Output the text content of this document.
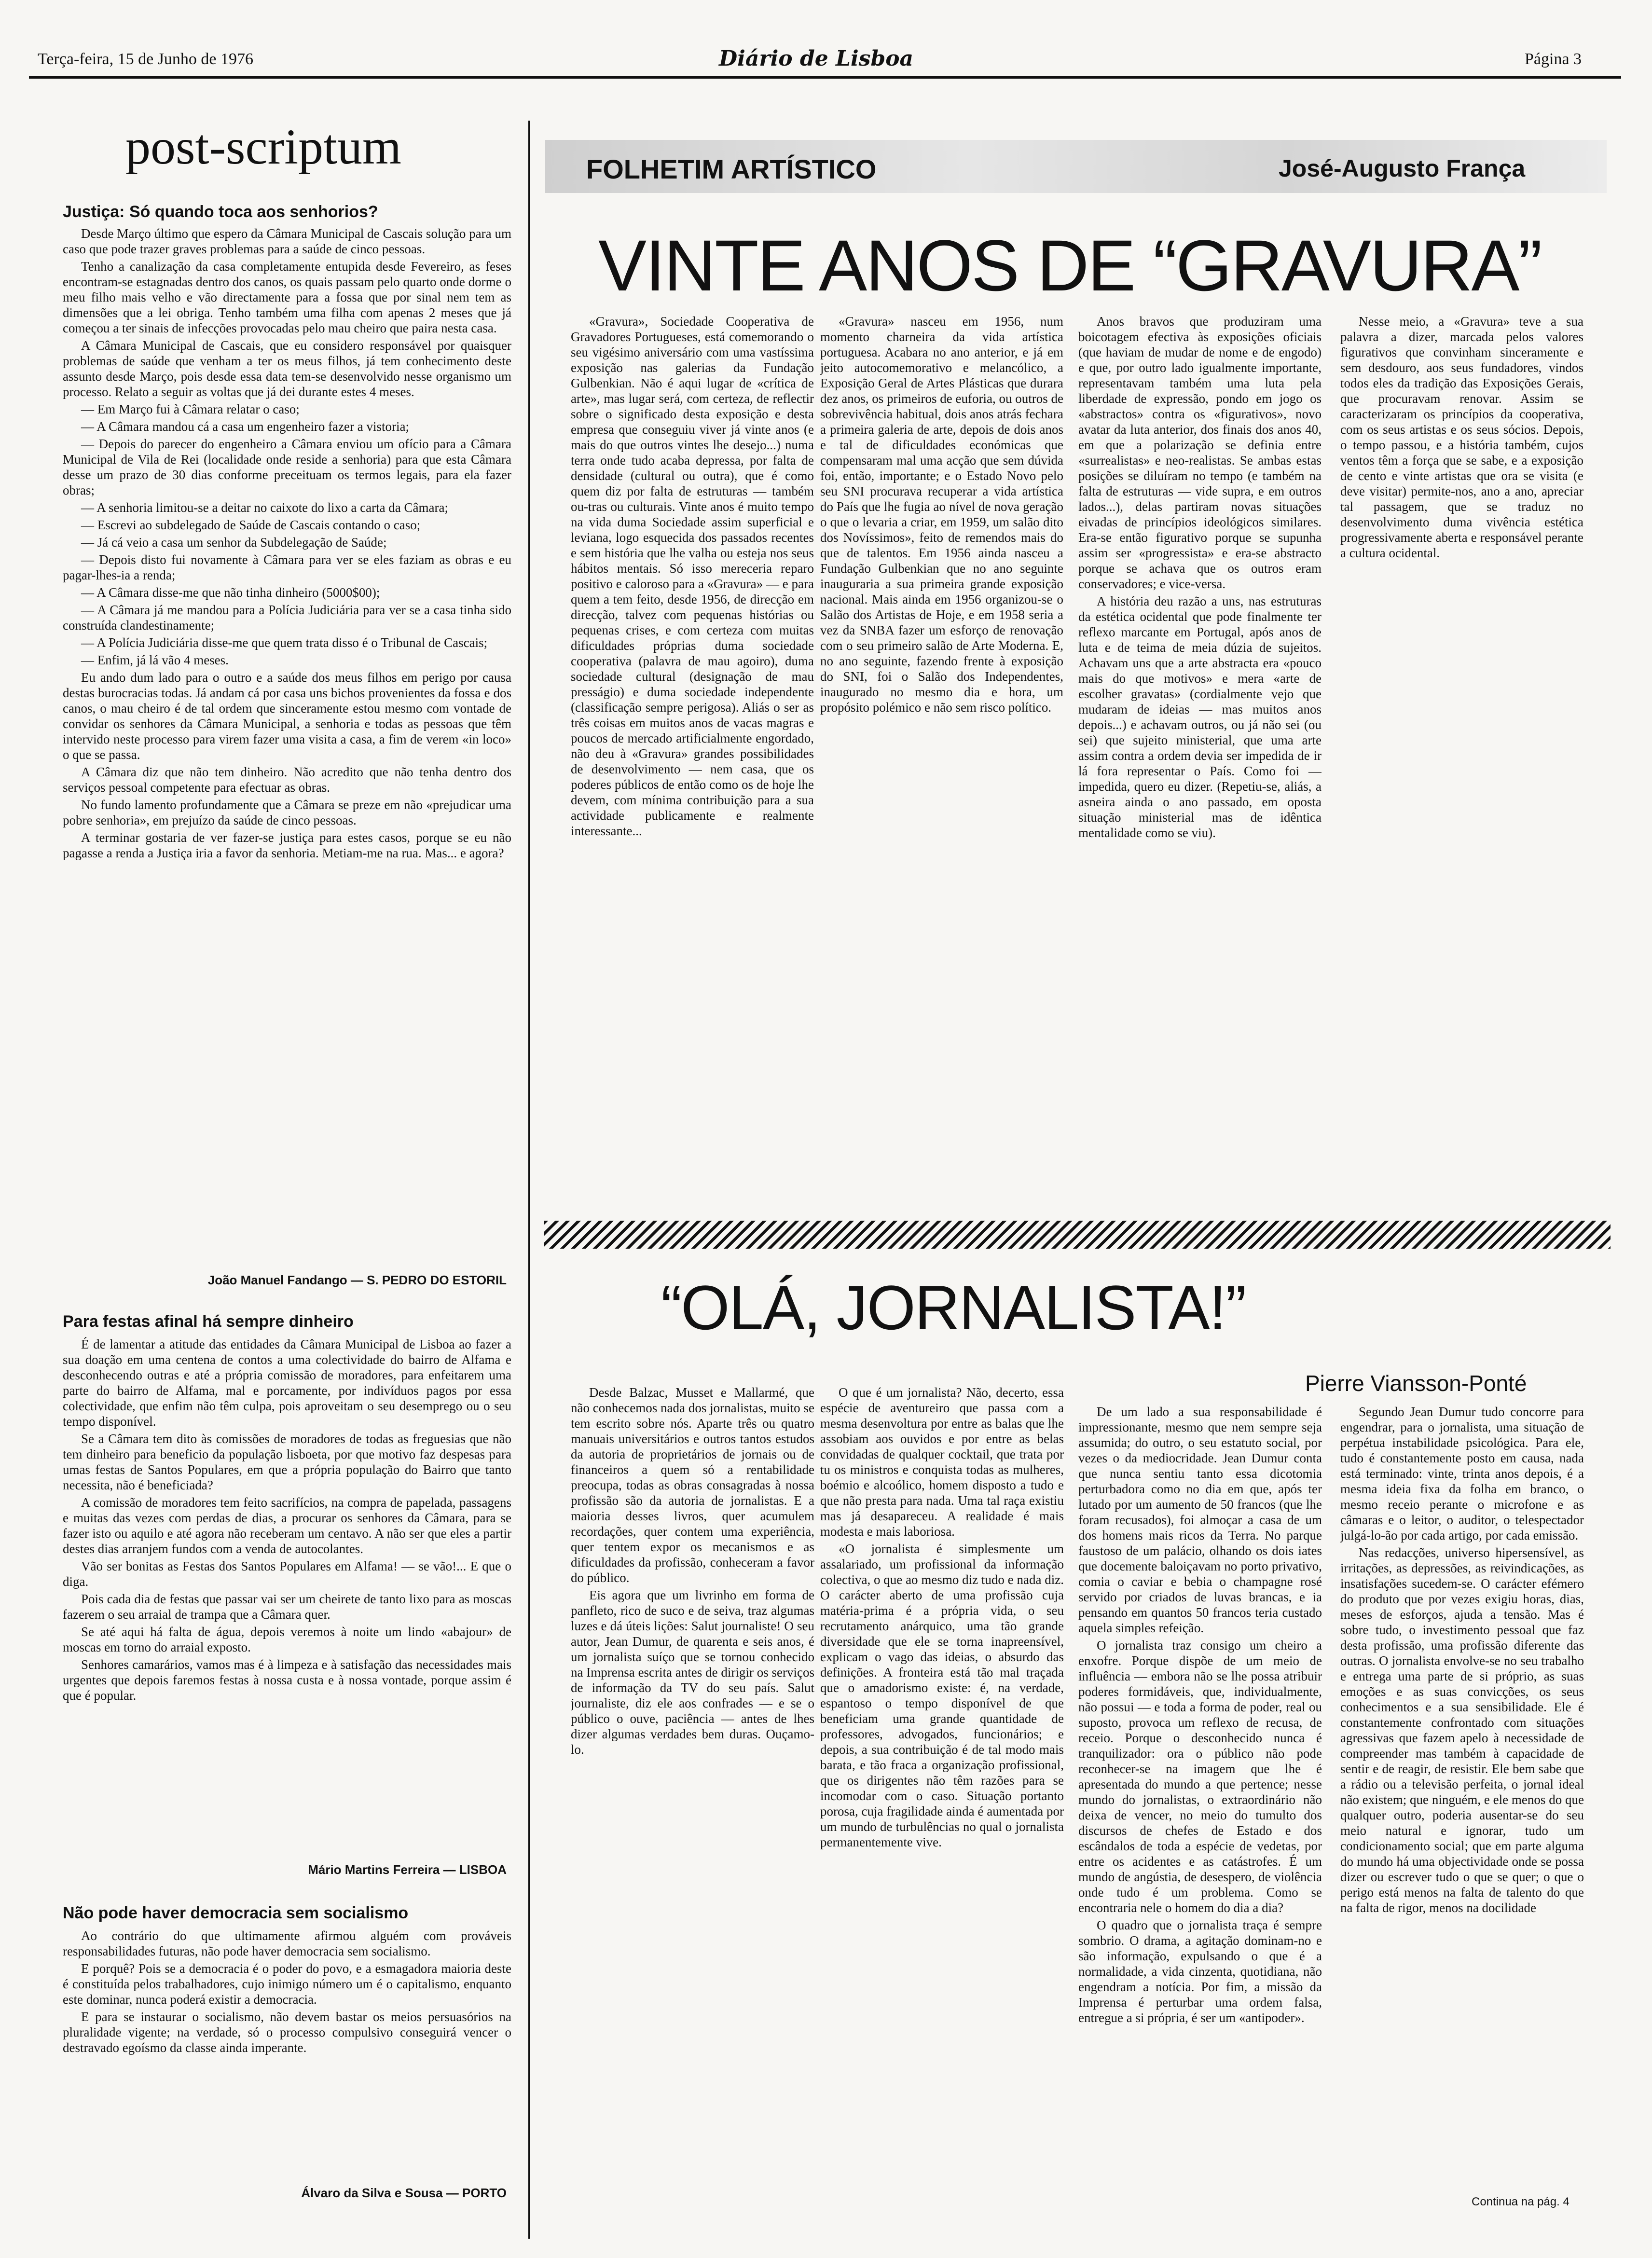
Terça-feira, 15 de Junho de 1976	Diário de Lisboa	Página 3
post-scriptum
Justiça: Só quando toca aos senhorios?

Desde Março último que espero da Câmara Municipal de Cascais solução para um caso que pode trazer graves problemas para a saúde de cinco pessoas.

Tenho a canalização da casa completamente entupida desde Fevereiro, as feses encontram-se estagnadas dentro dos canos, os quais passam pelo quarto onde dorme o meu filho mais velho e vão directamente para a fossa que por sinal nem tem as dimensões que a lei obriga. Tenho também uma filha com apenas 2 meses que já começou a ter sinais de infecções provocadas pelo mau cheiro que paira nesta casa.

A Câmara Municipal de Cascais, que eu considero responsável por quaisquer problemas de saúde que venham a ter os meus filhos, já tem conhecimento deste assunto desde Março, pois desde essa data tem-se desenvolvido nesse organismo um processo. Relato a seguir as voltas que já dei durante estes 4 meses.

— Em Março fui à Câmara relatar o caso;

— A Câmara mandou cá a casa um engenheiro fazer a vistoria;

— Depois do parecer do engenheiro a Câmara enviou um ofício para a Câmara Municipal de Vila de Rei (localidade onde reside a senhoria) para que esta Câmara desse um prazo de 30 dias conforme preceituam os termos legais, para ela fazer obras;

— A senhoria limitou-se a deitar no caixote do lixo a carta da Câmara;

— Escrevi ao subdelegado de Saúde de Cascais contando o caso;

— Já cá veio a casa um senhor da Subdelegação de Saúde;

— Depois disto fui novamente à Câmara para ver se eles faziam as obras e eu pagar-lhes-ia a renda;

— A Câmara disse-me que não tinha dinheiro (5000$00);

— A Câmara já me mandou para a Polícia Judiciária para ver se a casa tinha sido construída clandestinamente;

— A Polícia Judiciária disse-me que quem trata disso é o Tribunal de Cascais;

— Enfim, já lá vão 4 meses.

Eu ando dum lado para o outro e a saúde dos meus filhos em perigo por causa destas burocracias todas. Já andam cá por casa uns bichos provenientes da fossa e dos canos, o mau cheiro é de tal ordem que sinceramente estou mesmo com vontade de convidar os senhores da Câmara Municipal, a senhoria e todas as pessoas que têm intervido neste processo para virem fazer uma visita a casa, a fim de verem «in loco» o que se passa.

A Câmara diz que não tem dinheiro. Não acredito que não tenha dentro dos serviços pessoal competente para efectuar as obras.

No fundo lamento profundamente que a Câmara se preze em não «prejudicar uma pobre senhoria», em prejuízo da saúde de cinco pessoas.

A terminar gostaria de ver fazer-se justiça para estes casos, porque se eu não pagasse a renda a Justiça iria a favor da senhoria. Metiam-me na rua. Mas... e agora?

João Manuel Fandango — S. PEDRO DO ESTORIL
Para festas afinal há sempre dinheiro

É de lamentar a atitude das entidades da Câmara Municipal de Lisboa ao fazer a sua doação em uma centena de contos a uma colectividade do bairro de Alfama e desconhecendo outras e até a própria comissão de moradores, para enfeitarem uma parte do bairro de Alfama, mal e porcamente, por indivíduos pagos por essa colectividade, que enfim não têm culpa, pois aproveitam o seu desemprego ou o seu tempo disponível.

Se a Câmara tem dito às comissões de moradores de todas as freguesias que não tem dinheiro para beneficio da população lisboeta, por que motivo faz despesas para umas festas de Santos Populares, em que a própria população do Bairro que tanto necessita, não é beneficiada?

A comissão de moradores tem feito sacrifícios, na compra de papelada, passagens e muitas das vezes com perdas de dias, a procurar os senhores da Câmara, para se fazer isto ou aquilo e até agora não receberam um centavo. A não ser que eles a partir destes dias arranjem fundos com a venda de autocolantes.

Vão ser bonitas as Festas dos Santos Populares em Alfama! — se vão!... E que o diga.

Pois cada dia de festas que passar vai ser um cheirete de tanto lixo para as moscas fazerem o seu arraial de trampa que a Câmara quer.

Se até aqui há falta de água, depois veremos à noite um lindo «abajour» de moscas em torno do arraial exposto.

Senhores camarários, vamos mas é à limpeza e à satisfação das necessidades mais urgentes que depois faremos festas à nossa custa e à nossa vontade, porque assim é que é popular.

Mário Martins Ferreira — LISBOA
Não pode haver democracia sem socialismo

Ao contrário do que ultimamente afirmou alguém com prováveis responsabilidades futuras, não pode haver democracia sem socialismo.

E porquê? Pois se a democracia é o poder do povo, e a esmagadora maioria deste é constituída pelos trabalhadores, cujo inimigo número um é o capitalismo, enquanto este dominar, nunca poderá existir a democracia.

E para se instaurar o socialismo, não devem bastar os meios persuasórios na pluralidade vigente; na verdade, só o processo compulsivo conseguirá vencer o destravado egoísmo da classe ainda imperante.

Álvaro da Silva e Sousa — PORTO
FOLHETIM ARTÍSTICO	José-Augusto França
VINTE ANOS DE “GRAVURA”

«Gravura», Sociedade Cooperativa de Gravadores Portugueses, está comemorando o seu vigésimo aniversário com uma vastíssima exposição nas galerias da Fundação Gulbenkian. Não é aqui lugar de «crítica de arte», mas lugar será, com certeza, de reflectir sobre o significado desta exposição e desta empresa que conseguiu viver já vinte anos (e mais do que outros vintes lhe desejo...) numa terra onde tudo acaba depressa, por falta de densidade (cultural ou outra), que é como quem diz por falta de estruturas — também ou-tras ou culturais. Vinte anos é muito tempo na vida duma Sociedade assim superficial e leviana, logo esquecida dos passados recentes e sem história que lhe valha ou esteja nos seus hábitos mentais. Só isso mereceria reparo positivo e caloroso para a «Gravura» — e para quem a tem feito, desde 1956, de direcção em direcção, talvez com pequenas histórias ou pequenas crises, e com certeza com muitas dificuldades próprias duma sociedade cooperativa (palavra de mau agoiro), duma sociedade cultural (designação de mau presságio) e duma sociedade independente (classificação sempre perigosa). Aliás o ser as três coisas em muitos anos de vacas magras e poucos de mercado artificialmente engordado, não deu à «Gravura» grandes possibilidades de desenvolvimento — nem casa, que os poderes públicos de então como os de hoje lhe devem, com mínima contribuição para a sua actividade publicamente e realmente interessante...

«Gravura» nasceu em 1956, num momento charneira da vida artística portuguesa. Acabara no ano anterior, e já em jeito autocomemorativo e melancólico, a Exposição Geral de Artes Plásticas que durara dez anos, os primeiros de euforia, ou outros de sobrevivência habitual, dois anos atrás fechara a primeira galeria de arte, depois de dois anos e tal de dificuldades económicas que compensaram mal uma acção que sem dúvida foi, então, importante; e o Estado Novo pelo seu SNI procurava recuperar a vida artística do País que lhe fugia ao nível de nova geração o que o levaria a criar, em 1959, um salão dito dos Novíssimos», feito de remendos mais do que de talentos. Em 1956 ainda nasceu a Fundação Gulbenkian que no ano seguinte inauguraria a sua primeira grande exposição nacional. Mais ainda em 1956 organizou-se o Salão dos Artistas de Hoje, e em 1958 seria a vez da SNBA fazer um esforço de renovação com o seu primeiro salão de Arte Moderna. E, no ano seguinte, fazendo frente à exposição do SNI, foi o Salão dos Independentes, inaugurado no mesmo dia e hora, um propósito polémico e não sem risco político.

Anos bravos que produziram uma boicotagem efectiva às exposições oficiais (que haviam de mudar de nome e de engodo) e que, por outro lado igualmente importante, representavam também uma luta pela liberdade de expressão, pondo em jogo os «abstractos» contra os «figurativos», novo avatar da luta anterior, dos finais dos anos 40, em que a polarização se definia entre «surrealistas» e neo-realistas. Se ambas estas posições se diluíram no tempo (e também na falta de estruturas — vide supra, e em outros lados...), delas partiram novas situações eivadas de princípios ideológicos similares. Era-se então figurativo porque se supunha assim ser «progressista» e era-se abstracto porque se achava que os outros eram conservadores; e vice-versa.

A história deu razão a uns, nas estruturas da estética ocidental que pode finalmente ter reflexo marcante em Portugal, após anos de luta e de teima de meia dúzia de sujeitos. Achavam uns que a arte abstracta era «pouco mais do que motivos» e mera «arte de escolher gravatas» (cordialmente vejo que mudaram de ideias — mas muitos anos depois...) e achavam outros, ou já não sei (ou sei) que sujeito ministerial, que uma arte assim contra a ordem devia ser impedida de ir lá fora representar o País. Como foi — impedida, quero eu dizer. (Repetiu-se, aliás, a asneira ainda o ano passado, em oposta situação ministerial mas de idêntica mentalidade como se viu).

Nesse meio, a «Gravura» teve a sua palavra a dizer, marcada pelos valores figurativos que convinham sinceramente e sem desdouro, aos seus fundadores, vindos todos eles da tradição das Exposições Gerais, que procuravam renovar. Assim se caracterizaram os princípios da cooperativa, com os seus artistas e os seus sócios. Depois, o tempo passou, e a história também, cujos ventos têm a força que se sabe, e a exposição de cento e vinte artistas que ora se visita (e deve visitar) permite-nos, ano a ano, apreciar tal passagem, que se traduz no desenvolvimento duma vivência estética progressivamente aberta e responsável perante a cultura ocidental.

“OLÁ, JORNALISTA!”
Pierre Viansson-Ponté

Desde Balzac, Musset e Mallarmé, que não conhecemos nada dos jornalistas, muito se tem escrito sobre nós. Aparte três ou quatro manuais universitários e outros tantos estudos da autoria de proprietários de jornais ou de financeiros a quem só a rentabilidade preocupa, todas as obras consagradas à nossa profissão são da autoria de jornalistas. E a maioria desses livros, quer acumulem recordações, quer contem uma experiência, quer tentem expor os mecanismos e as dificuldades da profissão, conheceram a favor do público.

Eis agora que um livrinho em forma de panfleto, rico de suco e de seiva, traz algumas luzes e dá úteis lições: Salut journaliste! O seu autor, Jean Dumur, de quarenta e seis anos, é um jornalista suíço que se tornou conhecido na Imprensa escrita antes de dirigir os serviços de informação da TV do seu país. Salut journaliste, diz ele aos confrades — e se o público o ouve, paciência — antes de lhes dizer algumas verdades bem duras. Ouçamo-lo.

O que é um jornalista? Não, decerto, essa espécie de aventureiro que passa com a mesma desenvoltura por entre as balas que lhe assobiam aos ouvidos e por entre as belas convidadas de qualquer cocktail, que trata por tu os ministros e conquista todas as mulheres, boémio e alcoólico, homem disposto a tudo e que não presta para nada. Uma tal raça existiu mas já desapareceu. A realidade é mais modesta e mais laboriosa.

«O jornalista é simplesmente um assalariado, um profissional da informação colectiva, o que ao mesmo diz tudo e nada diz. O carácter aberto de uma profissão cuja matéria-prima é a própria vida, o seu recrutamento anárquico, uma tão grande diversidade que ele se torna inapreensível, explicam o vago das ideias, o absurdo das definições. A fronteira está tão mal traçada que o amadorismo existe: é, na verdade, espantoso o tempo disponível de que beneficiam uma grande quantidade de professores, advogados, funcionários; e depois, a sua contribuição é de tal modo mais barata, e tão fraca a organização profissional, que os dirigentes não têm razões para se incomodar com o caso. Situação portanto porosa, cuja fragilidade ainda é aumentada por um mundo de turbulências no qual o jornalista permanentemente vive.

De um lado a sua responsabilidade é impressionante, mesmo que nem sempre seja assumida; do outro, o seu estatuto social, por vezes o da mediocridade. Jean Dumur conta que nunca sentiu tanto essa dicotomia perturbadora como no dia em que, após ter lutado por um aumento de 50 francos (que lhe foram recusados), foi almoçar a casa de um dos homens mais ricos da Terra. No parque faustoso de um palácio, olhando os dois iates que docemente baloiçavam no porto privativo, comia o caviar e bebia o champagne rosé servido por criados de luvas brancas, e ia pensando em quantos 50 francos teria custado aquela simples refeição.

O jornalista traz consigo um cheiro a enxofre. Porque dispõe de um meio de influência — embora não se lhe possa atribuir poderes formidáveis, que, individualmente, não possui — e toda a forma de poder, real ou suposto, provoca um reflexo de recusa, de receio. Porque o desconhecido nunca é tranquilizador: ora o público não pode reconhecer-se na imagem que lhe é apresentada do mundo a que pertence; nesse mundo do jornalistas, o extraordinário não deixa de vencer, no meio do tumulto dos discursos de chefes de Estado e dos escândalos de toda a espécie de vedetas, por entre os acidentes e as catástrofes. É um mundo de angústia, de desespero, de violência onde tudo é um problema. Como se encontraria nele o homem do dia a dia?

O quadro que o jornalista traça é sempre sombrio. O drama, a agitação dominam-no e são informação, expulsando o que é a normalidade, a vida cinzenta, quotidiana, não engendram a notícia. Por fim, a missão da Imprensa é perturbar uma ordem falsa, entregue a si própria, é ser um «antipoder».

Segundo Jean Dumur tudo concorre para engendrar, para o jornalista, uma situação de perpétua instabilidade psicológica. Para ele, tudo é constantemente posto em causa, nada está terminado: vinte, trinta anos depois, é a mesma ideia fixa da folha em branco, o mesmo receio perante o microfone e as câmaras e o leitor, o auditor, o telespectador julgá-lo-ão por cada artigo, por cada emissão.

Nas redacções, universo hipersensível, as irritações, as depressões, as reivindicações, as insatisfações sucedem-se. O carácter efémero do produto que por vezes exigiu horas, dias, meses de esforços, ajuda a tensão. Mas é sobre tudo, o investimento pessoal que faz desta profissão, uma profissão diferente das outras. O jornalista envolve-se no seu trabalho e entrega uma parte de si próprio, as suas emoções e as suas convicções, os seus conhecimentos e a sua sensibilidade. Ele é constantemente confrontado com situações agressivas que fazem apelo à necessidade de compreender mas também à capacidade de sentir e de reagir, de resistir. Ele bem sabe que a rádio ou a televisão perfeita, o jornal ideal não existem; que ninguém, e ele menos do que qualquer outro, poderia ausentar-se do seu meio natural e ignorar, tudo um condicionamento social; que em parte alguma do mundo há uma objectividade onde se possa dizer ou escrever tudo o que se quer; o que o perigo está menos na falta de talento do que na falta de rigor, menos na docilidade

Continua na pág. 4
